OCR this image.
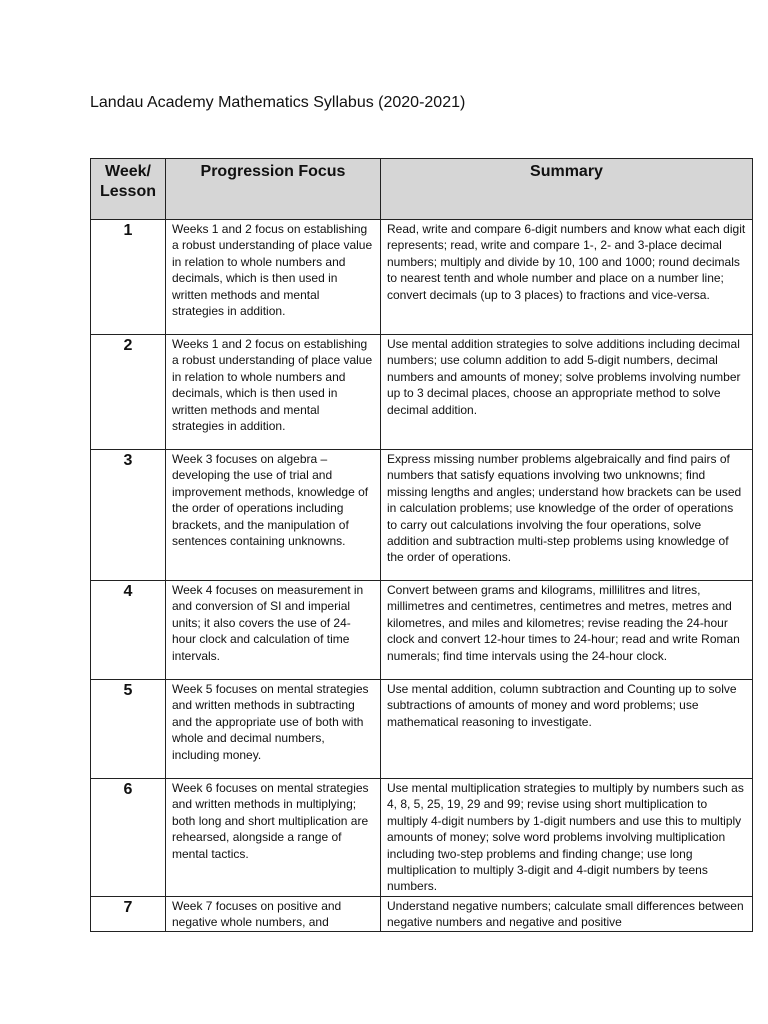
Landau Academy Mathematics Syllabus (2020-2021)
Week/ Lesson	Progression Focus	Summary
1	Weeks 1 and 2 focus on establishing a robust understanding of place value in relation to whole numbers and decimals, which is then used in written methods and mental strategies in addition.	Read, write and compare 6-digit numbers and know what each digit represents; read, write and compare 1-, 2- and 3-place decimal numbers; multiply and divide by 10, 100 and 1000; round decimals to nearest tenth and whole number and place on a number line; convert decimals (up to 3 places) to fractions and vice-versa.
2	Weeks 1 and 2 focus on establishing a robust understanding of place value in relation to whole numbers and decimals, which is then used in written methods and mental strategies in addition.	Use mental addition strategies to solve additions including decimal numbers; use column addition to add 5-digit numbers, decimal numbers and amounts of money; solve problems involving number up to 3 decimal places, choose an appropriate method to solve decimal addition.
3	Week 3 focuses on algebra – developing the use of trial and improvement methods, knowledge of the order of operations including brackets, and the manipulation of sentences containing unknowns.	Express missing number problems algebraically and find pairs of numbers that satisfy equations involving two unknowns; find missing lengths and angles; understand how brackets can be used in calculation problems; use knowledge of the order of operations to carry out calculations involving the four operations, solve addition and subtraction multi-step problems using knowledge of the order of operations.
4	Week 4 focuses on measurement in and conversion of SI and imperial units; it also covers the use of 24-hour clock and calculation of time intervals.	Convert between grams and kilograms, millilitres and litres, millimetres and centimetres, centimetres and metres, metres and kilometres, and miles and kilometres; revise reading the 24-hour clock and convert 12-hour times to 24-hour; read and write Roman numerals; find time intervals using the 24-hour clock.
5	Week 5 focuses on mental strategies and written methods in subtracting and the appropriate use of both with whole and decimal numbers, including money.	Use mental addition, column subtraction and Counting up to solve subtractions of amounts of money and word problems; use mathematical reasoning to investigate.
6	Week 6 focuses on mental strategies and written methods in multiplying; both long and short multiplication are rehearsed, alongside a range of mental tactics.	Use mental multiplication strategies to multiply by numbers such as 4, 8, 5, 25, 19, 29 and 99; revise using short multiplication to multiply 4-digit numbers by 1-digit numbers and use this to multiply amounts of money; solve word problems involving multiplication including two-step problems and finding change; use long multiplication to multiply 3-digit and 4-digit numbers by teens numbers.
7	Week 7 focuses on positive and negative whole numbers, and	Understand negative numbers; calculate small differences between negative numbers and negative and positive
